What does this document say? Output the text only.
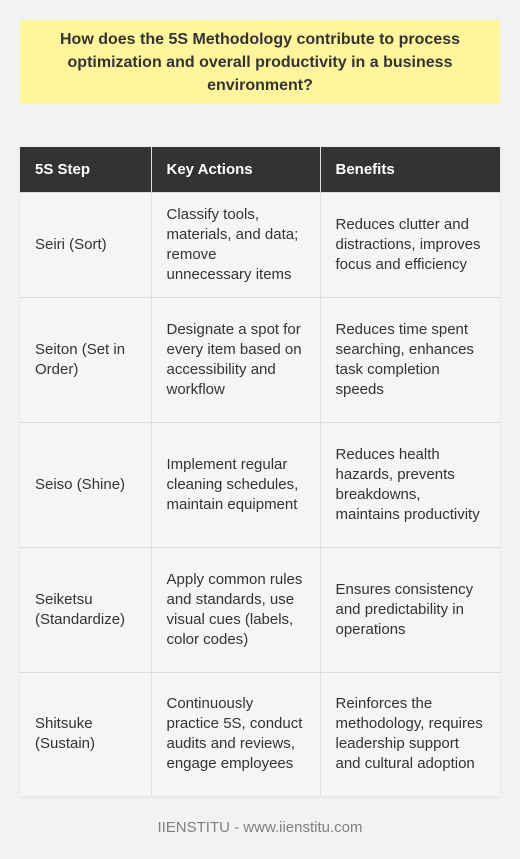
How does the 5S Methodology contribute to process optimization and overall productivity in a business environment?
5S Step	Key Actions	Benefits
Seiri (Sort)	Classify tools, materials, and data; remove unnecessary items	Reduces clutter and distractions, improves focus and efficiency
Seiton (Set in Order)	Designate a spot for every item based on accessibility and workflow	Reduces time spent searching, enhances task completion speeds
Seiso (Shine)	Implement regular cleaning schedules, maintain equipment	Reduces health hazards, prevents breakdowns, maintains productivity
Seiketsu (Standardize)	Apply common rules and standards, use visual cues (labels, color codes)	Ensures consistency and predictability in operations
Shitsuke (Sustain)	Continuously practice 5S, conduct audits and reviews, engage employees	Reinforces the methodology, requires leadership support and cultural adoption
IIENSTITU - www.iienstitu.com
